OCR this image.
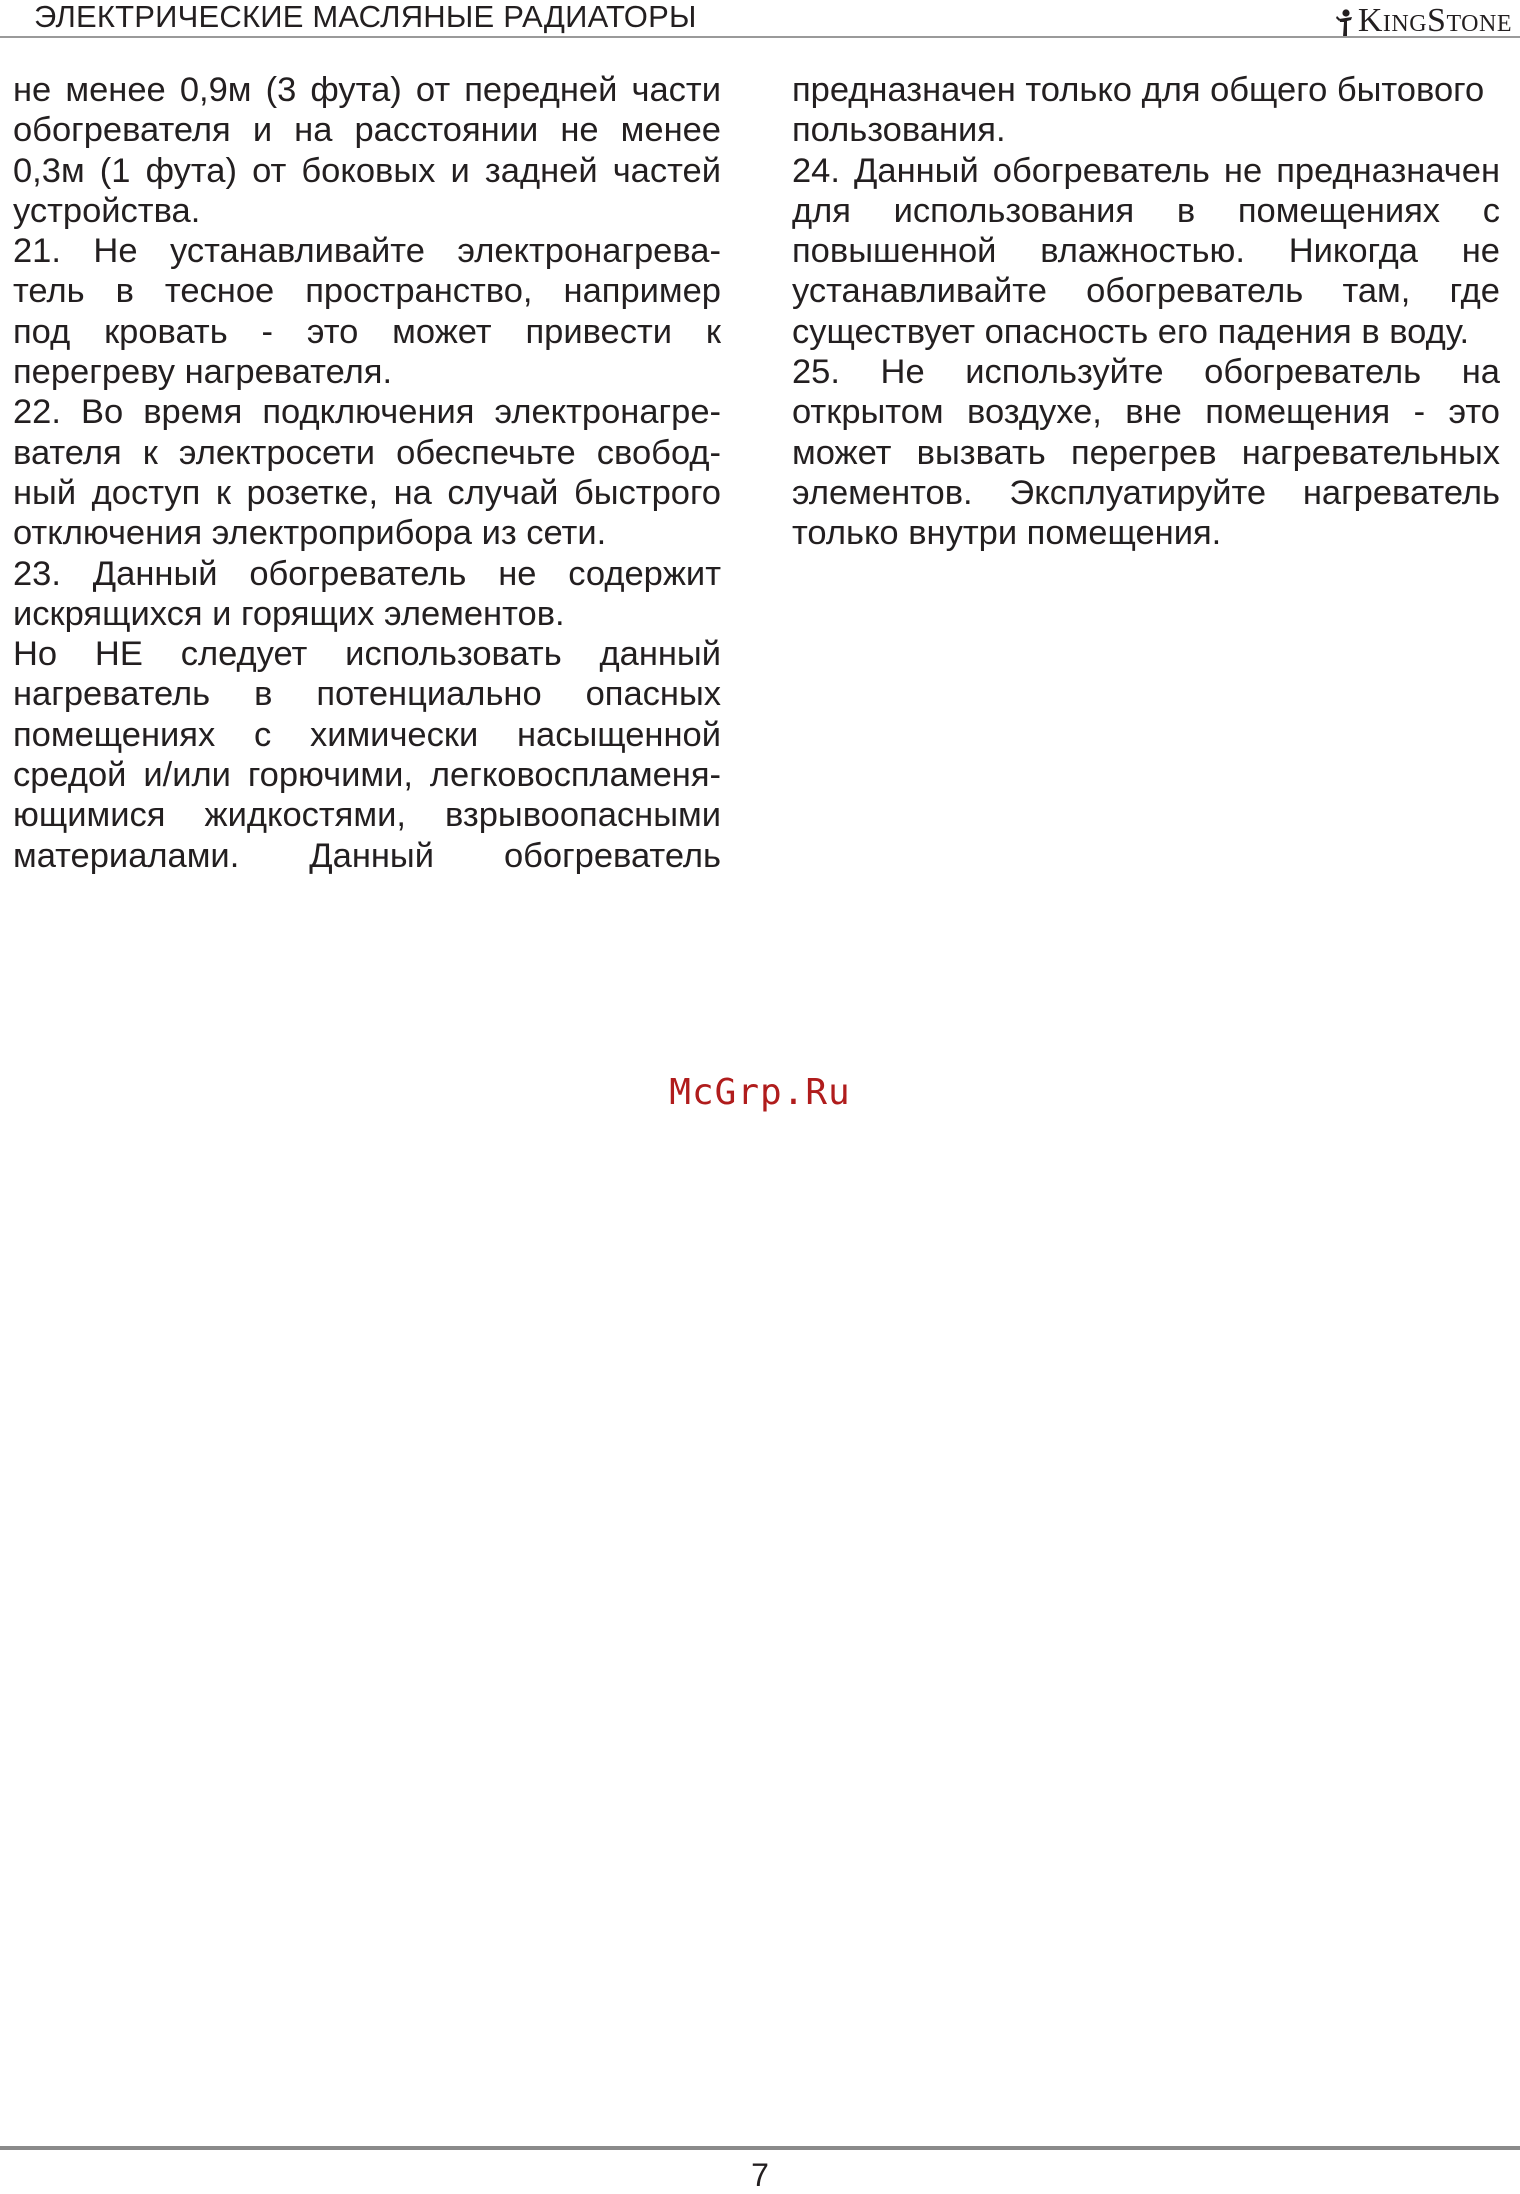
ЭЛЕКТРИЧЕСКИЕ МАСЛЯНЫЕ РАДИАТОРЫ	KingStone
не менее 0,9м (3 фута) от передней части
обогревателя и на расстоянии не менее
0,3м (1 фута) от боковых и задней частей
устройства.
21. Не устанавливайте электронагрева-
тель в тесное пространство, например
под кровать - это может привести к
перегреву нагревателя.
22. Во время подключения электронагре-
вателя к электросети обеспечьте свобод-
ный доступ к розетке, на случай быстрого
отключения электроприбора из сети.
23. Данный обогреватель не содержит
искрящихся и горящих элементов.
Но НЕ следует использовать данный
нагреватель в потенциально опасных
помещениях с химически насыщенной
средой и/или горючими, легковоспламеня-
ющимися жидкостями, взрывоопасными
материалами. Данный обогреватель
предназначен только для общего бытового
пользования.
24. Данный обогреватель не предназначен
для использования в помещениях с
повышенной влажностью. Никогда не
устанавливайте обогреватель там, где
существует опасность его падения в воду.
25. Не используйте обогреватель на
открытом воздухе, вне помещения - это
может вызвать перегрев нагревательных
элементов. Эксплуатируйте нагреватель
только внутри помещения.
McGrp.Ru
7
